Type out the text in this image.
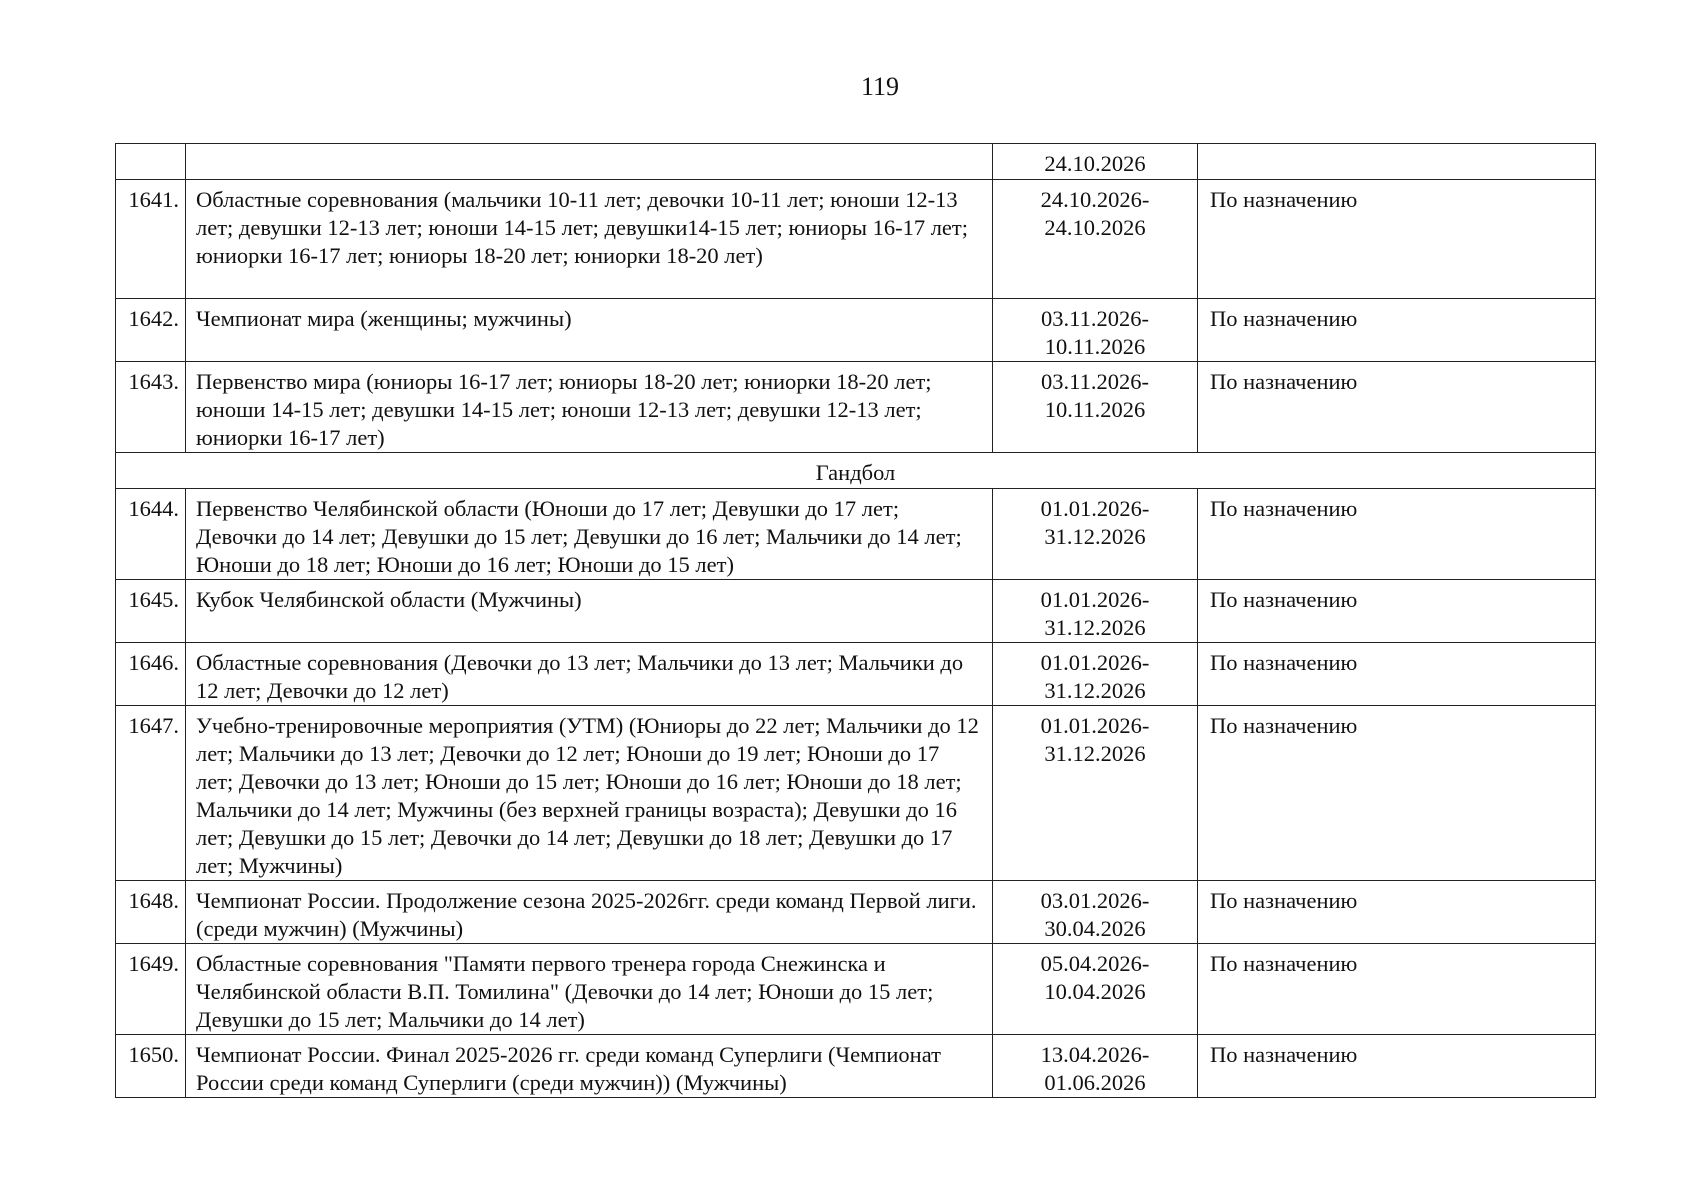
119
		24.10.2026	
1641.	Областные соревнования (мальчики 10-11 лет; девочки 10-11 лет; юноши 12-13 лет; девушки 12-13 лет; юноши 14-15 лет; девушки14-15 лет; юниоры 16-17 лет; юниорки 16-17 лет; юниоры 18-20 лет; юниорки 18-20 лет)	24.10.2026-
24.10.2026	По назначению
1642.	Чемпионат мира (женщины; мужчины)	03.11.2026-
10.11.2026	По назначению
1643.	Первенство мира (юниоры 16-17 лет; юниоры 18-20 лет; юниорки 18-20 лет; юноши 14-15 лет; девушки 14-15 лет; юноши 12-13 лет; девушки 12-13 лет; юниорки 16-17 лет)	03.11.2026-
10.11.2026	По назначению
Гандбол			
1644.	Первенство Челябинской области (Юноши до 17 лет; Девушки до 17 лет; Девочки до 14 лет; Девушки до 15 лет; Девушки до 16 лет; Мальчики до 14 лет; Юноши до 18 лет; Юноши до 16 лет; Юноши до 15 лет)	01.01.2026-
31.12.2026	По назначению
1645.	Кубок Челябинской области (Мужчины)	01.01.2026-
31.12.2026	По назначению
1646.	Областные соревнования (Девочки до 13 лет; Мальчики до 13 лет; Мальчики до 12 лет; Девочки до 12 лет)	01.01.2026-
31.12.2026	По назначению
1647.	Учебно-тренировочные мероприятия (УТМ) (Юниоры до 22 лет; Мальчики до 12 лет; Мальчики до 13 лет; Девочки до 12 лет; Юноши до 19 лет; Юноши до 17 лет; Девочки до 13 лет; Юноши до 15 лет; Юноши до 16 лет; Юноши до 18 лет; Мальчики до 14 лет; Мужчины (без верхней границы возраста); Девушки до 16 лет; Девушки до 15 лет; Девочки до 14 лет; Девушки до 18 лет; Девушки до 17 лет; Мужчины)	01.01.2026-
31.12.2026	По назначению
1648.	Чемпионат России. Продолжение сезона 2025-2026гг. среди команд Первой лиги. (среди мужчин) (Мужчины)	03.01.2026-
30.04.2026	По назначению
1649.	Областные соревнования "Памяти первого тренера города Снежинска и Челябинской области В.П. Томилина" (Девочки до 14 лет; Юноши до 15 лет; Девушки до 15 лет; Мальчики до 14 лет)	05.04.2026-
10.04.2026	По назначению
1650.	Чемпионат России. Финал 2025-2026 гг. среди команд Суперлиги (Чемпионат России среди команд Суперлиги (среди мужчин)) (Мужчины)	13.04.2026-
01.06.2026	По назначению
